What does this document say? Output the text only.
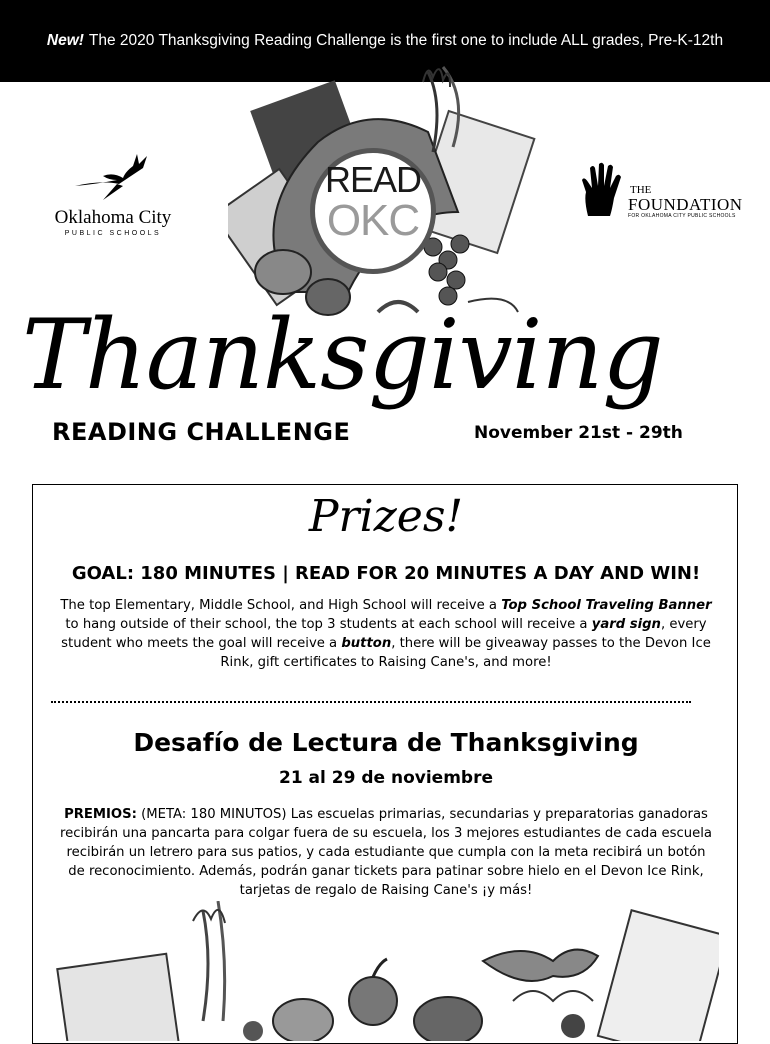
New! The 2020 Thanksgiving Reading Challenge is the first one to include ALL grades, Pre-K-12th
Oklahoma City
PUBLIC SCHOOLS
READ
OKC
THE
FOUNDATION
FOR OKLAHOMA CITY PUBLIC SCHOOLS
Thanksgiving
READING CHALLENGE	November 21st - 29th
Prizes!
GOAL: 180 MINUTES | READ FOR 20 MINUTES A DAY AND WIN!
The top Elementary, Middle School, and High School will receive a Top School Traveling Banner to hang outside of their school, the top 3 students at each school will receive a yard sign, every student who meets the goal will receive a button, there will be giveaway passes to the Devon Ice Rink, gift certificates to Raising Cane's, and more!
Desafío de Lectura de Thanksgiving
21 al 29 de noviembre
PREMIOS: (META: 180 MINUTOS) Las escuelas primarias, secundarias y preparatorias ganadoras recibirán una pancarta para colgar fuera de su escuela, los 3 mejores estudiantes de cada escuela recibirán un letrero para sus patios, y cada estudiante que cumpla con la meta recibirá un botón de reconocimiento. Además, podrán ganar tickets para patinar sobre hielo en el Devon Ice Rink, tarjetas de regalo de Raising Cane's ¡y más!
